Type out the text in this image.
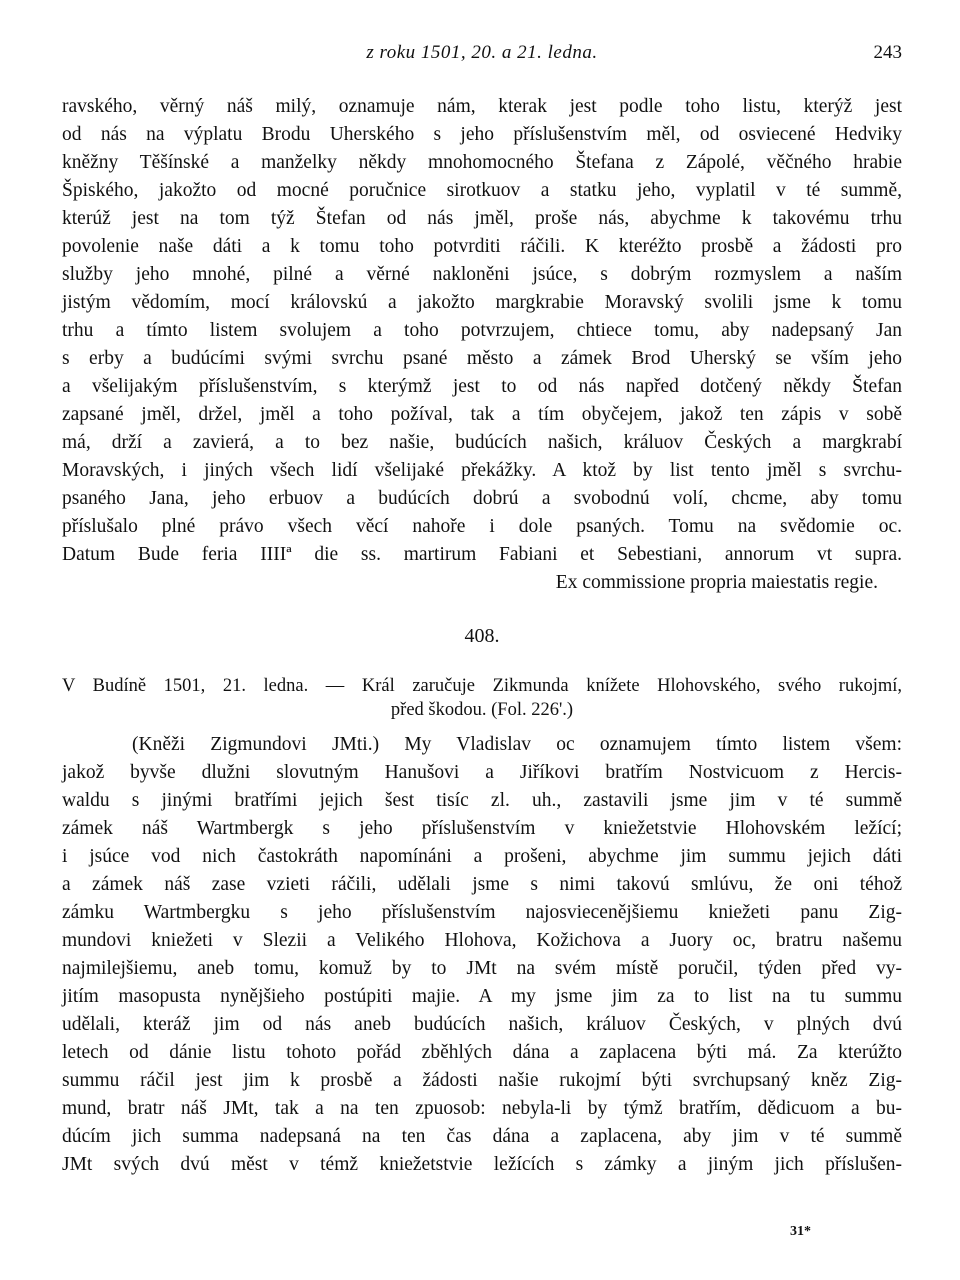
z roku 1501, 20. a 21. ledna.	243
ravského, věrný náš milý, oznamuje nám, kterak jest podle toho listu, kterýž jest
od nás na výplatu Brodu Uherského s jeho příslušenstvím měl, od osviecené Hedviky
kněžny Těšínské a manželky někdy mnohomocného Štefana z Zápolé, věčného hrabie
Špiského, jakožto od mocné poručnice sirotkuov a statku jeho, vyplatil v té summě,
kterúž jest na tom týž Štefan od nás jměl, proše nás, abychme k takovému trhu
povolenie naše dáti a k tomu toho potvrditi ráčili. K kteréžto prosbě a žádosti pro
služby jeho mnohé, pilné a věrné nakloněni jsúce, s dobrým rozmyslem a naším
jistým vědomím, mocí královskú a jakožto margkrabie Moravský svolili jsme k tomu
trhu a tímto listem svolujem a toho potvrzujem, chtiece tomu, aby nadepsaný Jan
s erby a budúcími svými svrchu psané město a zámek Brod Uherský se vším jeho
a všelijakým příslušenstvím, s kterýmž jest to od nás napřed dotčený někdy Štefan
zapsané jměl, držel, jměl a toho požíval, tak a tím obyčejem, jakož ten zápis v sobě
má, drží a zavierá, a to bez našie, budúcích našich, králuov Českých a margkrabí
Moravských, i jiných všech lidí všelijaké překážky. A ktož by list tento jměl s svrchu-
psaného Jana, jeho erbuov a budúcích dobrú a svobodnú volí, chcme, aby tomu
příslušalo plné právo všech věcí nahoře i dole psaných. Tomu na svědomie oc.
Datum Bude feria IIIIª die ss. martirum Fabiani et Sebestiani, annorum vt supra.
Ex commissione propria maiestatis regie.
408.
V Budíně 1501, 21. ledna. — Král zaručuje Zikmunda knížete Hlohovského, svého rukojmí,
před škodou. (Fol. 226'.)
(Kněži Zigmundovi JMti.) My Vladislav oc oznamujem tímto listem všem:
jakož byvše dlužni slovutným Hanušovi a Jiříkovi bratřím Nostvicuom z Hercis-
waldu s jinými bratřími jejich šest tisíc zl. uh., zastavili jsme jim v té summě
zámek náš Wartmbergk s jeho příslušenstvím v kniežetstvie Hlohovském ležící;
i jsúce vod nich častokráth napomínáni a prošeni, abychme jim summu jejich dáti
a zámek náš zase vzieti ráčili, udělali jsme s nimi takovú smlúvu, že oni téhož
zámku Wartmbergku s jeho příslušenstvím najosviecenějšiemu kniežeti panu Zig-
mundovi kniežeti v Slezii a Velikého Hlohova, Kožichova a Juory oc, bratru našemu
najmilejšiemu, aneb tomu, komuž by to JMt na svém místě poručil, týden před vy-
jitím masopusta nynějšieho postúpiti majie. A my jsme jim za to list na tu summu
udělali, kteráž jim od nás aneb budúcích našich, králuov Českých, v plných dvú
letech od dánie listu tohoto pořád zběhlých dána a zaplacena býti má. Za kterúžto
summu ráčil jest jim k prosbě a žádosti našie rukojmí býti svrchupsaný kněz Zig-
mund, bratr náš JMt, tak a na ten zpuosob: nebyla-li by týmž bratřím, dědicuom a bu-
dúcím jich summa nadepsaná na ten čas dána a zaplacena, aby jim v té summě
JMt svých dvú měst v témž kniežetstvie ležících s zámky a jiným jich příslušen-
31*
